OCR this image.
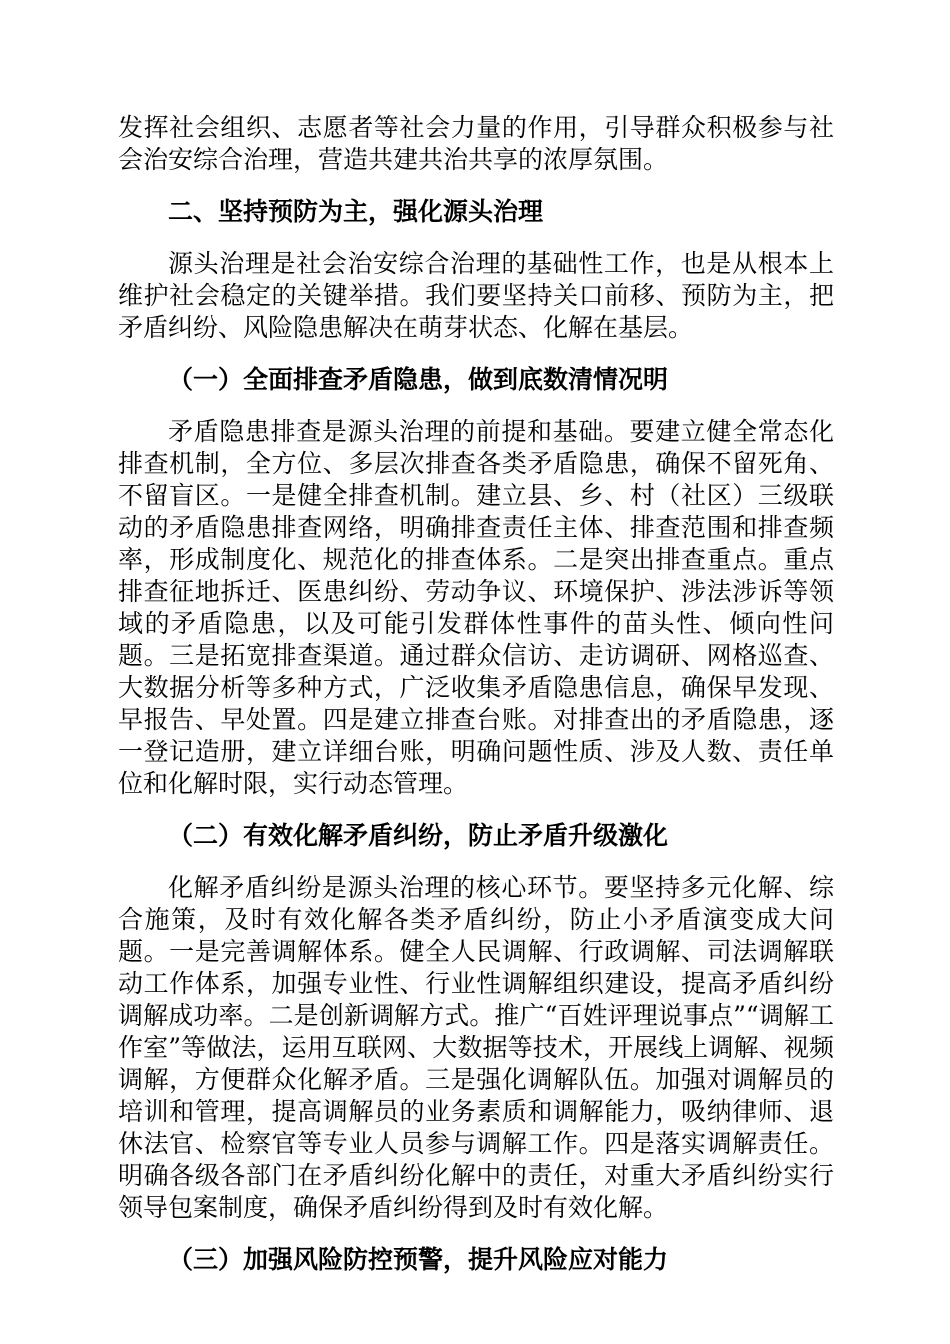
发挥社会组织、志愿者等社会力量的作用，引导群众积极参与社会治安综合治理，营造共建共治共享的浓厚氛围。

二、坚持预防为主，强化源头治理

源头治理是社会治安综合治理的基础性工作，也是从根本上维护社会稳定的关键举措。我们要坚持关口前移、预防为主，把矛盾纠纷、风险隐患解决在萌芽状态、化解在基层。

（一）全面排查矛盾隐患，做到底数清情况明

矛盾隐患排查是源头治理的前提和基础。要建立健全常态化排查机制，全方位、多层次排查各类矛盾隐患，确保不留死角、不留盲区。一是健全排查机制。建立县、乡、村（社区）三级联动的矛盾隐患排查网络，明确排查责任主体、排查范围和排查频率，形成制度化、规范化的排查体系。二是突出排查重点。重点排查征地拆迁、医患纠纷、劳动争议、环境保护、涉法涉诉等领域的矛盾隐患，以及可能引发群体性事件的苗头性、倾向性问题。三是拓宽排查渠道。通过群众信访、走访调研、网格巡查、大数据分析等多种方式，广泛收集矛盾隐患信息，确保早发现、早报告、早处置。四是建立排查台账。对排查出的矛盾隐患，逐一登记造册，建立详细台账，明确问题性质、涉及人数、责任单位和化解时限，实行动态管理。

（二）有效化解矛盾纠纷，防止矛盾升级激化

化解矛盾纠纷是源头治理的核心环节。要坚持多元化解、综合施策，及时有效化解各类矛盾纠纷，防止小矛盾演变成大问题。一是完善调解体系。健全人民调解、行政调解、司法调解联动工作体系，加强专业性、行业性调解组织建设，提高矛盾纠纷调解成功率。二是创新调解方式。推广“百姓评理说事点”“调解工作室”等做法，运用互联网、大数据等技术，开展线上调解、视频调解，方便群众化解矛盾。三是强化调解队伍。加强对调解员的培训和管理，提高调解员的业务素质和调解能力，吸纳律师、退休法官、检察官等专业人员参与调解工作。四是落实调解责任。明确各级各部门在矛盾纠纷化解中的责任，对重大矛盾纠纷实行领导包案制度，确保矛盾纠纷得到及时有效化解。

（三）加强风险防控预警，提升风险应对能力
